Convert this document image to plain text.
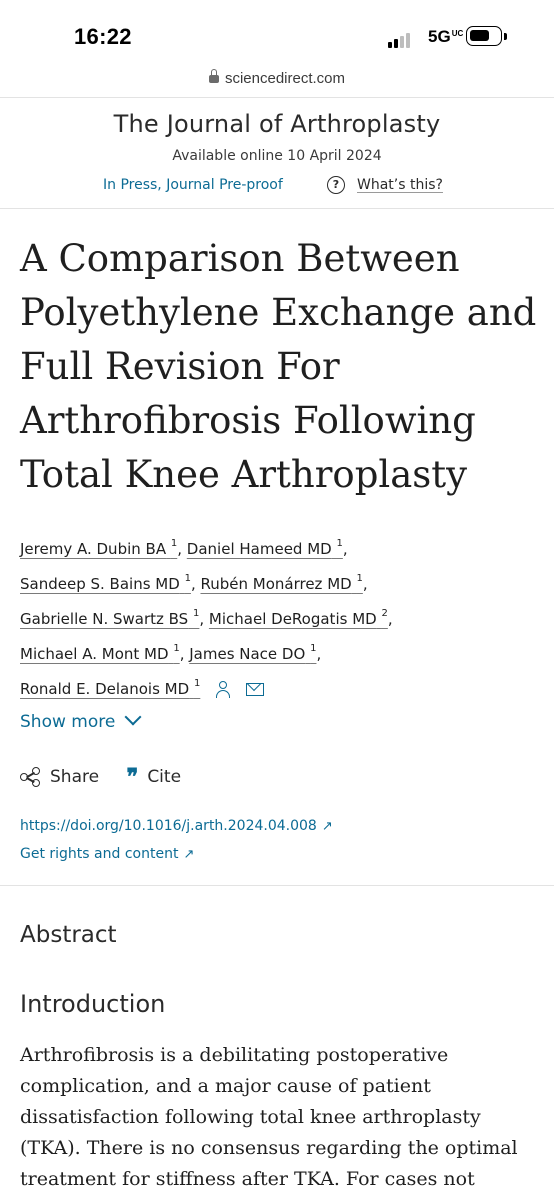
16:22	$5G^{UC}$
sciencedirect.com
The Journal of Arthroplasty
Available online 10 April 2024
In Press, Journal Pre-proof	?	What’s this?
A Comparison Between Polyethylene Exchange and Full Revision For Arthrofibrosis Following Total Knee Arthroplasty
Jeremy A. Dubin BA $^1$, Daniel Hameed MD $^1$,
Sandeep S. Bains MD $^1$, Rubén Monárrez MD $^1$,
Gabrielle N. Swartz BS $^1$, Michael DeRogatis MD $^2$,
Michael A. Mont MD $^1$, James Nace DO $^1$,
Ronald E. Delanois MD $^1$
Show more
Share ❞ Cite
https://doi.org/10.1016/j.arth.2024.04.008 ↗
Get rights and content ↗
Abstract
Introduction

Arthrofibrosis is a debilitating postoperative complication, and a major cause of patient dissatisfaction following total knee arthroplasty (TKA). There is no consensus regarding the optimal treatment for stiffness after TKA. For cases not
